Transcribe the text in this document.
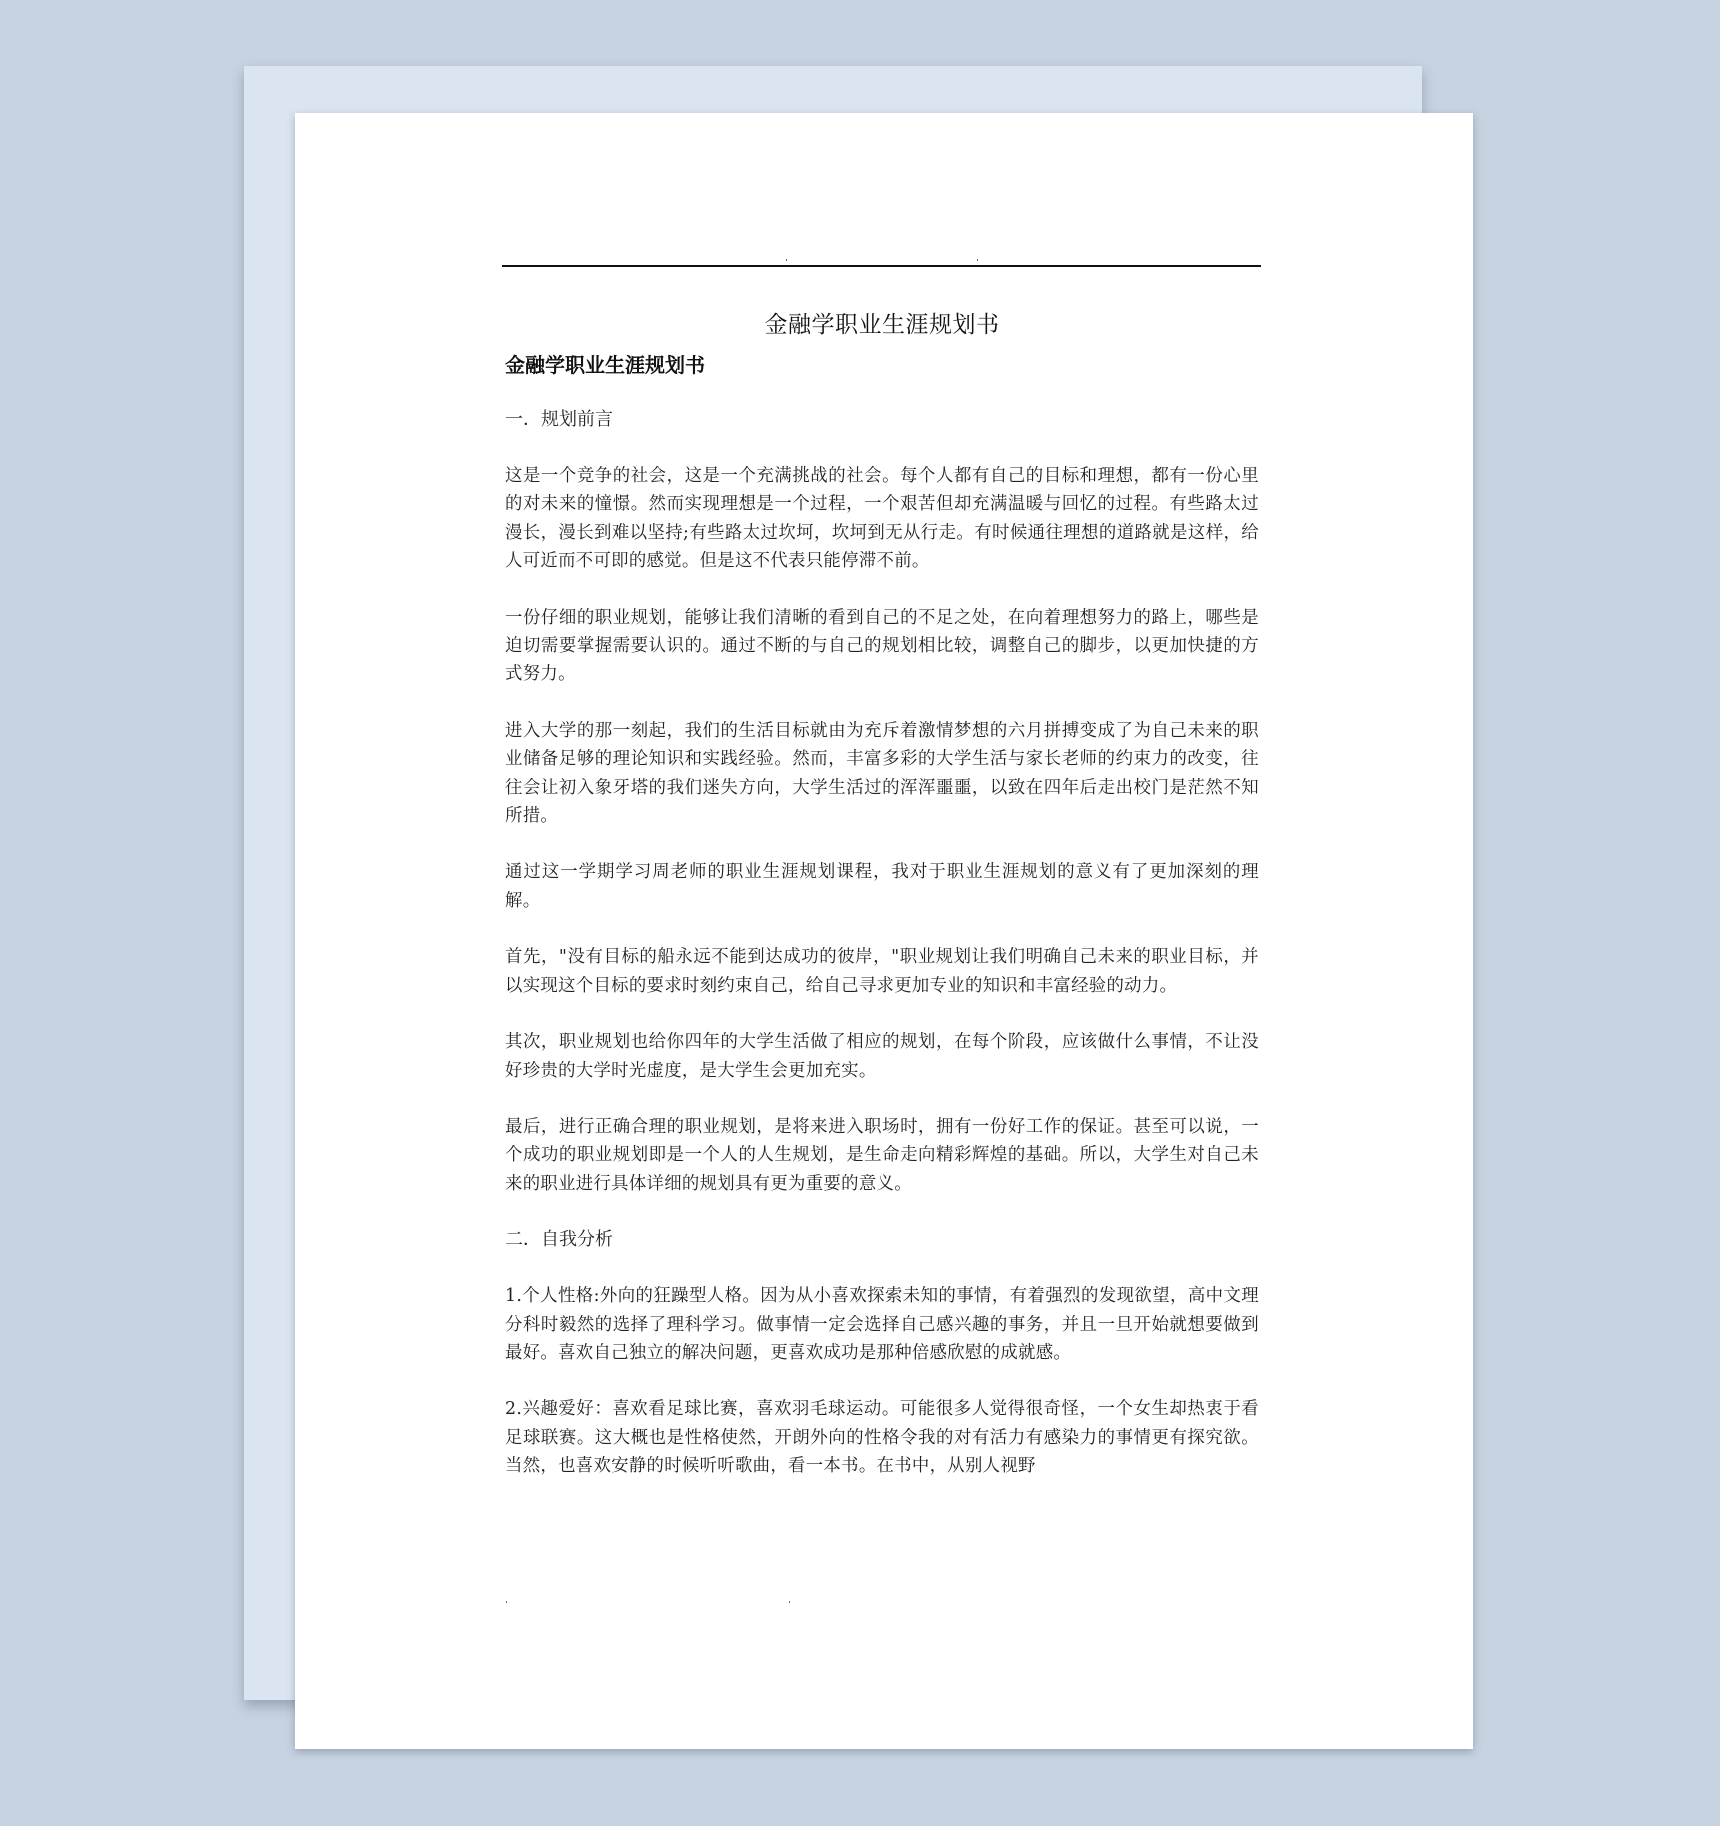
金融学职业生涯规划书
金融学职业生涯规划书
一．规划前言

这是一个竞争的社会，这是一个充满挑战的社会。每个人都有自己的目标和理想，都有一份心里的对未来的憧憬。然而实现理想是一个过程，一个艰苦但却充满温暖与回忆的过程。有些路太过漫长，漫长到难以坚持;有些路太过坎坷，坎坷到无从行走。有时候通往理想的道路就是这样，给人可近而不可即的感觉。但是这不代表只能停滞不前。

一份仔细的职业规划，能够让我们清晰的看到自己的不足之处，在向着理想努力的路上，哪些是迫切需要掌握需要认识的。通过不断的与自己的规划相比较，调整自己的脚步，以更加快捷的方式努力。

进入大学的那一刻起，我们的生活目标就由为充斥着激情梦想的六月拼搏变成了为自己未来的职业储备足够的理论知识和实践经验。然而，丰富多彩的大学生活与家长老师的约束力的改变，往往会让初入象牙塔的我们迷失方向，大学生活过的浑浑噩噩，以致在四年后走出校门是茫然不知所措。

通过这一学期学习周老师的职业生涯规划课程，我对于职业生涯规划的意义有了更加深刻的理解。

首先，"没有目标的船永远不能到达成功的彼岸，"职业规划让我们明确自己未来的职业目标，并以实现这个目标的要求时刻约束自己，给自己寻求更加专业的知识和丰富经验的动力。

其次，职业规划也给你四年的大学生活做了相应的规划，在每个阶段，应该做什么事情，不让没好珍贵的大学时光虚度，是大学生会更加充实。

最后，进行正确合理的职业规划，是将来进入职场时，拥有一份好工作的保证。甚至可以说，一个成功的职业规划即是一个人的人生规划，是生命走向精彩辉煌的基础。所以，大学生对自己未来的职业进行具体详细的规划具有更为重要的意义。

二．自我分析

1.个人性格:外向的狂躁型人格。因为从小喜欢探索未知的事情，有着强烈的发现欲望，高中文理分科时毅然的选择了理科学习。做事情一定会选择自己感兴趣的事务，并且一旦开始就想要做到最好。喜欢自己独立的解决问题，更喜欢成功是那种倍感欣慰的成就感。

2.兴趣爱好：喜欢看足球比赛，喜欢羽毛球运动。可能很多人觉得很奇怪，一个女生却热衷于看足球联赛。这大概也是性格使然，开朗外向的性格令我的对有活力有感染力的事情更有探究欲。当然，也喜欢安静的时候听听歌曲，看一本书。在书中，从别人视野
